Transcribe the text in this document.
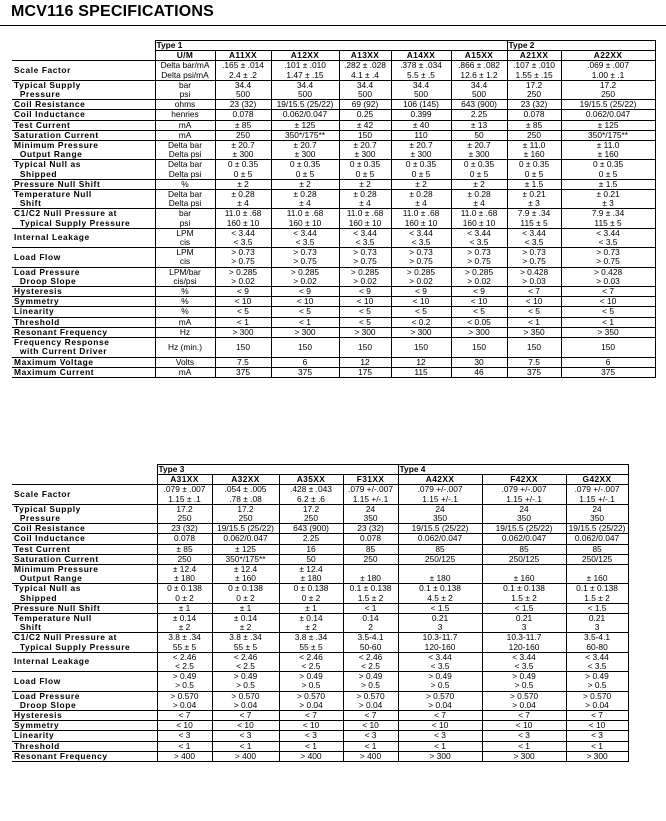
MCV116 SPECIFICATIONS
	Type 1						Type 2	
	U/M	A11XX	A12XX	A13XX	A14XX	A15XX	A21XX	A22XX
Scale Factor	Delta bar/mA	.165 ± .014	.101 ± .010	.282 ± .028	.378 ± .034	.866 ± .082	.107 ± .010	.069 ± .007
	Delta psi/mA	2.4 ± .2	1.47 ± .15	4.1 ± .4	5.5 ± .5	12.6 ± 1.2	1.55 ± .15	1.00 ± .1
Typical Supply
Pressure	bar	34.4	34.4	34.4	34.4	34.4	17.2	17.2
	psi	500	500	500	500	500	250	250
Coil Resistance	ohms	23 (32)	19/15.5 (25/22)	69 (92)	106 (145)	643 (900)	23 (32)	19/15.5 (25/22)
Coil Inductance	henries	0.078	0.062/0.047	0.25	0.399	2.25	0.078	0.062/0.047
Test Current	mA	± 85	± 125	± 42	± 40	± 13	± 85	± 125
Saturation Current	mA	250	350*/175**	150	110	50	250	350*/175**
Minimum Pressure
Output Range	Delta bar	± 20.7	± 20.7	± 20.7	± 20.7	± 20.7	± 11.0	± 11.0
	Delta psi	± 300	± 300	± 300	± 300	± 300	± 160	± 160
Typical Null as
Shipped	Delta bar	0 ± 0.35	0 ± 0.35	0 ± 0.35	0 ± 0.35	0 ± 0.35	0 ± 0.35	0 ± 0.35
	Delta psi	0 ± 5	0 ± 5	0 ± 5	0 ± 5	0 ± 5	0 ± 5	0 ± 5
Pressure Null Shift	%	± 2	± 2	± 2	± 2	± 2	± 1.5	± 1.5
Temperature Null
Shift	Delta bar	± 0.28	± 0.28	± 0.28	± 0.28	± 0.28	± 0.21	± 0.21
	Delta psi	± 4	± 4	± 4	± 4	± 4	± 3	± 3
C1/C2 Null Pressure at
Typical Supply Pressure	bar	11.0 ± .68	11.0 ± .68	11.0 ± .68	11.0 ± .68	11.0 ± .68	7.9 ± .34	7.9 ± .34
	psi	160 ± 10	160 ± 10	160 ± 10	160 ± 10	160 ± 10	115 ± 5	115 ± 5
Internal Leakage	LPM	< 3.44	< 3.44	< 3.44	< 3.44	< 3.44	< 3.44	< 3.44
	cis	< 3.5	< 3.5	< 3.5	< 3.5	< 3.5	< 3.5	< 3.5
Load Flow	LPM	> 0.73	> 0.73	> 0.73	> 0.73	> 0.73	> 0.73	> 0.73
	cis	> 0.75	> 0.75	> 0.75	> 0.75	> 0.75	> 0.75	> 0.75
Load Pressure
Droop Slope	LPM/bar	> 0.285	> 0.285	> 0.285	> 0.285	> 0.285	> 0.428	> 0.428
	cis/psi	> 0.02	> 0.02	> 0.02	> 0.02	> 0.02	> 0.03	> 0.03
Hysteresis	%	< 9	< 9	< 9	< 9	< 9	< 7	< 7
Symmetry	%	< 10	< 10	< 10	< 10	< 10	< 10	< 10
Linearity	%	< 5	< 5	< 5	< 5	< 5	< 5	< 5
Threshold	mA	< 1	< 1	< 5	< 0.2	< 0.05	< 1	< 1
Resonant Frequency	Hz	> 300	> 300	> 300	> 300	> 300	> 350	> 350
Frequency Response
with Current Driver	Hz (min.)	150	150	150	150	150	150	150
Maximum Voltage	Volts	7.5	6	12	12	30	7.5	6
Maximum Current	mA	375	375	175	115	46	375	375
	Type 3				Type 4		
	A31XX	A32XX	A35XX	F31XX	A42XX	F42XX	G42XX
Scale Factor	.079 ± .007	.054 ± .005	.428 ± .043	.079 +/-.007	.079 +/-.007	.079 +/-.007	.079 +/-.007
	1.15 ± .1	.78 ± .08	6.2 ± .6	1.15 +/-.1	1.15 +/-.1	1.15 +/-.1	1.15 +/-.1
Typical Supply
Pressure	17.2	17.2	17.2	24	24	24	24
	250	250	250	350	350	350	350
Coil Resistance	23 (32)	19/15.5 (25/22)	643 (900)	23 (32)	19/15.5 (25/22)	19/15.5 (25/22)	19/15.5 (25/22)
Coil Inductance	0.078	0.062/0.047	2.25	0.078	0.062/0.047	0.062/0.047	0.062/0.047
Test Current	± 85	± 125	16	85	85	85	85
Saturation Current	250	350*/175**	50	250	250/125	250/125	250/125
Minimum Pressure
Output Range	± 12.4	± 12.4	± 12.4				
	± 180	± 160	± 180	± 180	± 180	± 160	± 160
Typical Null as
Shipped	0 ± 0.138	0 ± 0.138	0 ± 0.138	0.1 ± 0.138	0.1 ± 0.138	0.1 ± 0.138	0.1 ± 0.138
	0 ± 2	0 ± 2	0 ± 2	1.5 ± 2	4.5 ± 2	1.5 ± 2	1.5 ± 2
Pressure Null Shift	± 1	± 1	± 1	< 1	< 1.5	< 1.5	< 1.5
Temperature Null
Shift	± 0.14	± 0.14	± 0.14	0.14	0.21	0.21	0.21
	± 2	± 2	± 2	2	3	3	3
C1/C2 Null Pressure at
Typical Supply Pressure	3.8 ± .34	3.8 ± .34	3.8 ± .34	3.5-4.1	10.3-11.7	10.3-11.7	3.5-4.1
	55 ± 5	55 ± 5	55 ± 5	50-60	120-160	120-160	60-80
Internal Leakage	< 2.46	< 2.46	< 2.46	< 2.46	< 3.44	< 3.44	< 3.44
	< 2.5	< 2.5	< 2.5	< 2.5	< 3.5	< 3.5	< 3.5
Load Flow	> 0.49	> 0.49	> 0.49	> 0.49	> 0.49	> 0.49	> 0.49
	> 0.5	> 0.5	> 0.5	> 0.5	> 0.5	> 0.5	> 0.5
Load Pressure
Droop Slope	> 0.570	> 0.570	> 0.570	> 0.570	> 0.570	> 0.570	> 0.570
	> 0.04	> 0.04	> 0.04	> 0.04	> 0.04	> 0.04	> 0.04
Hysteresis	< 7	< 7	< 7	< 7	< 7	< 7	< 7
Symmetry	< 10	< 10	< 10	< 10	< 10	< 10	< 10
Linearity	< 3	< 3	< 3	< 3	< 3	< 3	< 3
Threshold	< 1	< 1	< 1	< 1	< 1	< 1	< 1
Resonant Frequency	> 400	> 400	> 400	> 400	> 300	> 300	> 300
